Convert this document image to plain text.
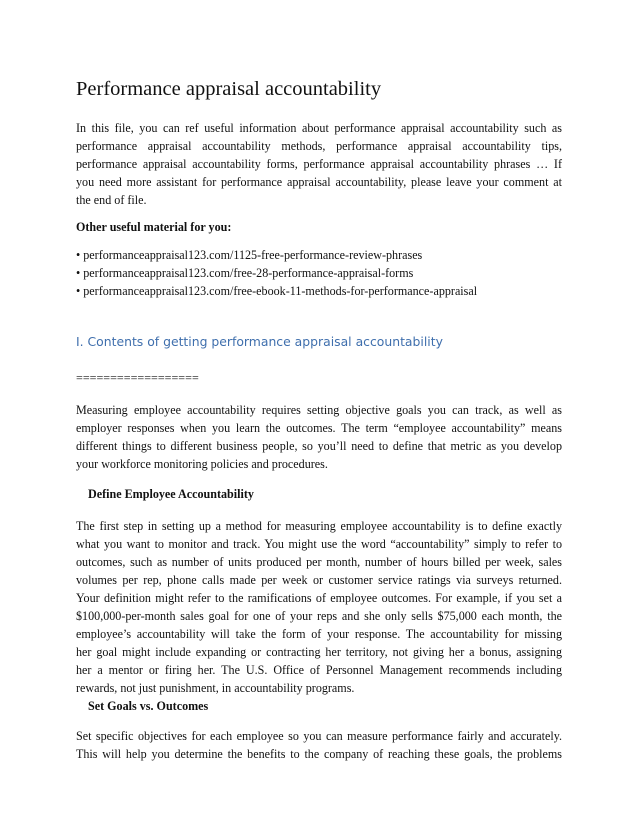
Performance appraisal accountability
In this file, you can ref useful information about performance appraisal accountability such as
performance appraisal accountability methods, performance appraisal accountability tips,
performance appraisal accountability forms, performance appraisal accountability phrases … If
you need more assistant for performance appraisal accountability, please leave your comment at
the end of file.
Other useful material for you:
• performanceappraisal123.com/1125-free-performance-review-phrases
• performanceappraisal123.com/free-28-performance-appraisal-forms
• performanceappraisal123.com/free-ebook-11-methods-for-performance-appraisal
I. Contents of getting performance appraisal accountability
==================
Measuring employee accountability requires setting objective goals you can track, as well as
employer responses when you learn the outcomes. The term “employee accountability” means
different things to different business people, so you’ll need to define that metric as you develop
your workforce monitoring policies and procedures.
Define Employee Accountability
The first step in setting up a method for measuring employee accountability is to define exactly
what you want to monitor and track. You might use the word “accountability” simply to refer to
outcomes, such as number of units produced per month, number of hours billed per week, sales
volumes per rep, phone calls made per week or customer service ratings via surveys returned.
Your definition might refer to the ramifications of employee outcomes. For example, if you set a
$100,000-per-month sales goal for one of your reps and she only sells $75,000 each month, the
employee’s accountability will take the form of your response. The accountability for missing
her goal might include expanding or contracting her territory, not giving her a bonus, assigning
her a mentor or firing her. The U.S. Office of Personnel Management recommends including
rewards, not just punishment, in accountability programs.
Set Goals vs. Outcomes
Set specific objectives for each employee so you can measure performance fairly and accurately.
This will help you determine the benefits to the company of reaching these goals, the problems
